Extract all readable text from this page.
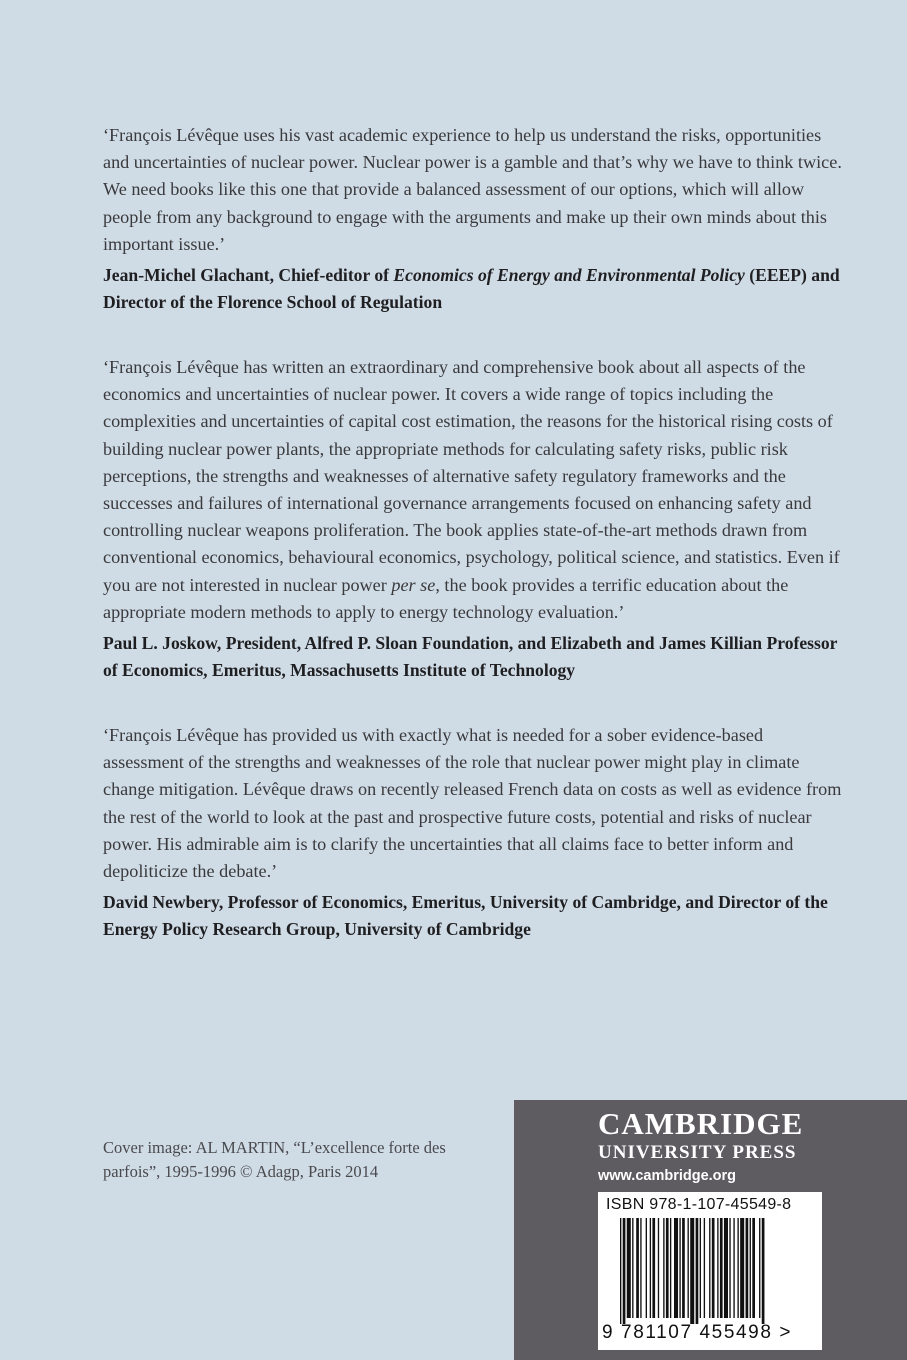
‘François Lévêque uses his vast academic experience to help us understand the risks, opportunities and uncertainties of nuclear power. Nuclear power is a gamble and that’s why we have to think twice. We need books like this one that provide a balanced assessment of our options, which will allow people from any background to engage with the arguments and make up their own minds about this important issue.’

Jean-Michel Glachant, Chief-editor of Economics of Energy and Environmental Policy (EEEP) and Director of the Florence School of Regulation

‘François Lévêque has written an extraordinary and comprehensive book about all aspects of the economics and uncertainties of nuclear power. It covers a wide range of topics including the complexities and uncertainties of capital cost estimation, the reasons for the historical rising costs of building nuclear power plants, the appropriate methods for calculating safety risks, public risk perceptions, the strengths and weaknesses of alternative safety regulatory frameworks and the successes and failures of international governance arrangements focused on enhancing safety and controlling nuclear weapons proliferation. The book applies state-of-the-art methods drawn from conventional economics, behavioural economics, psychology, political science, and statistics. Even if you are not interested in nuclear power per se, the book provides a terrific education about the appropriate modern methods to apply to energy technology evaluation.’

Paul L. Joskow, President, Alfred P. Sloan Foundation, and Elizabeth and James Killian Professor of Economics, Emeritus, Massachusetts Institute of Technology

‘François Lévêque has provided us with exactly what is needed for a sober evidence-based assessment of the strengths and weaknesses of the role that nuclear power might play in climate change mitigation. Lévêque draws on recently released French data on costs as well as evidence from the rest of the world to look at the past and prospective future costs, potential and risks of nuclear power. His admirable aim is to clarify the uncertainties that all claims face to better inform and depoliticize the debate.’

David Newbery, Professor of Economics, Emeritus, University of Cambridge, and Director of the Energy Policy Research Group, University of Cambridge
Cover image: AL MARTIN, “L’excellence forte des parfois”, 1995-1996 © Adagp, Paris 2014
CAMBRIDGE
UNIVERSITY PRESS
www.cambridge.org
ISBN 978-1-107-45549-8
9 781107 455498 >
